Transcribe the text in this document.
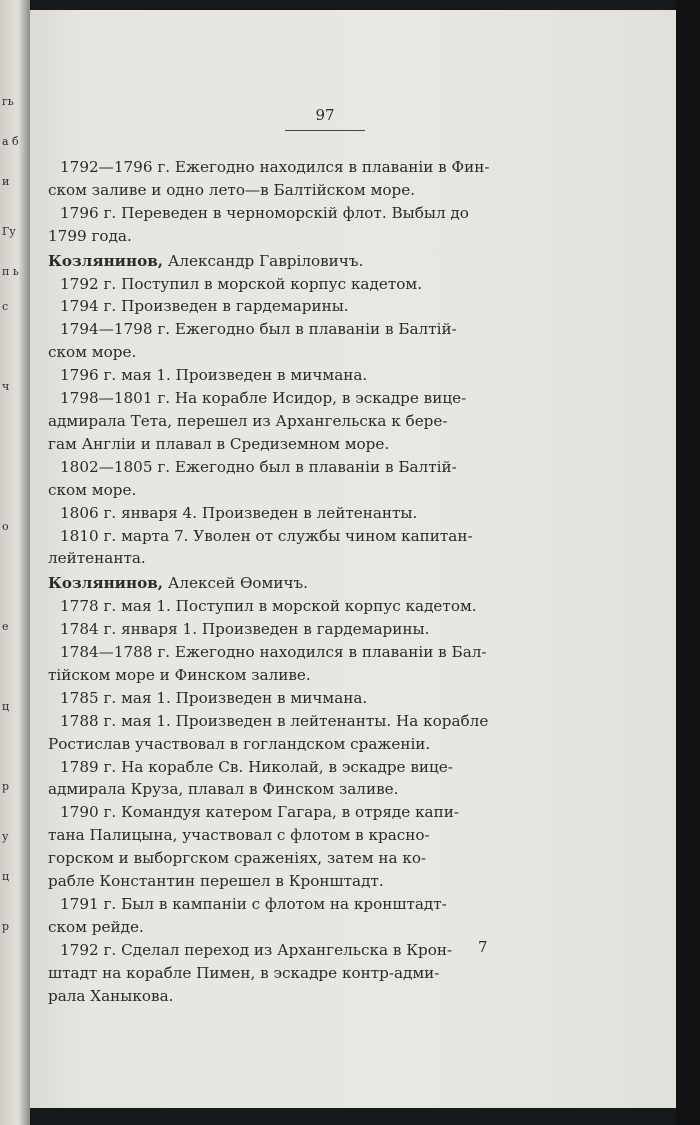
гь
а б
и
Гу
п ь
с
ч
о
е
ц
р
у
ц
р
97
1792—1796 г. Ежегодно находился в плаванiи в Фин-
ском заливе и одно лето—в Балтiйском море.
1796 г. Переведен в черноморскiй флот. Выбыл до
1799 года.
Козлянинов, Александр Гаврiловичъ.
1792 г. Поступил в морской корпус кадетом.
1794 г. Произведен в гардемарины.
1794—1798 г. Ежегодно был в плаванiи в Балтiй-
ском море.
1796 г. мая 1. Произведен в мичмана.
1798—1801 г. На корабле Исидор, в эскадре вице-
адмирала Тета, перешел из Архангельска к бере-
гам Англiи и плавал в Средиземном море.
1802—1805 г. Ежегодно был в плаванiи в Балтiй-
ском море.
1806 г. января 4. Произведен в лейтенанты.
1810 г. марта 7. Уволен от службы чином капитан-
лейтенанта.
Козлянинов, Алексей Өомичъ.
1778 г. мая 1. Поступил в морской корпус кадетом.
1784 г. января 1. Произведен в гардемарины.
1784—1788 г. Ежегодно находился в плаванiи в Бал-
тiйском море и Финском заливе.
1785 г. мая 1. Произведен в мичмана.
1788 г. мая 1. Произведен в лейтенанты. На корабле
Ростислав участвовал в гогландском сраженiи.
1789 г. На корабле Св. Николай, в эскадре вице-
адмирала Круза, плавал в Финском заливе.
1790 г. Командуя катером Гагара, в отряде капи-
тана Палицына, участвовал с флотом в красно-
горском и выборгском сраженiях, затем на ко-
рабле Константин перешел в Кронштадт.
1791 г. Был в кампанiи с флотом на кронштадт-
ском рейде.
1792 г. Сделал переход из Архангельска в Крон-
штадт на корабле Пимен, в эскадре контр-адми-
рала Ханыкова.
7
